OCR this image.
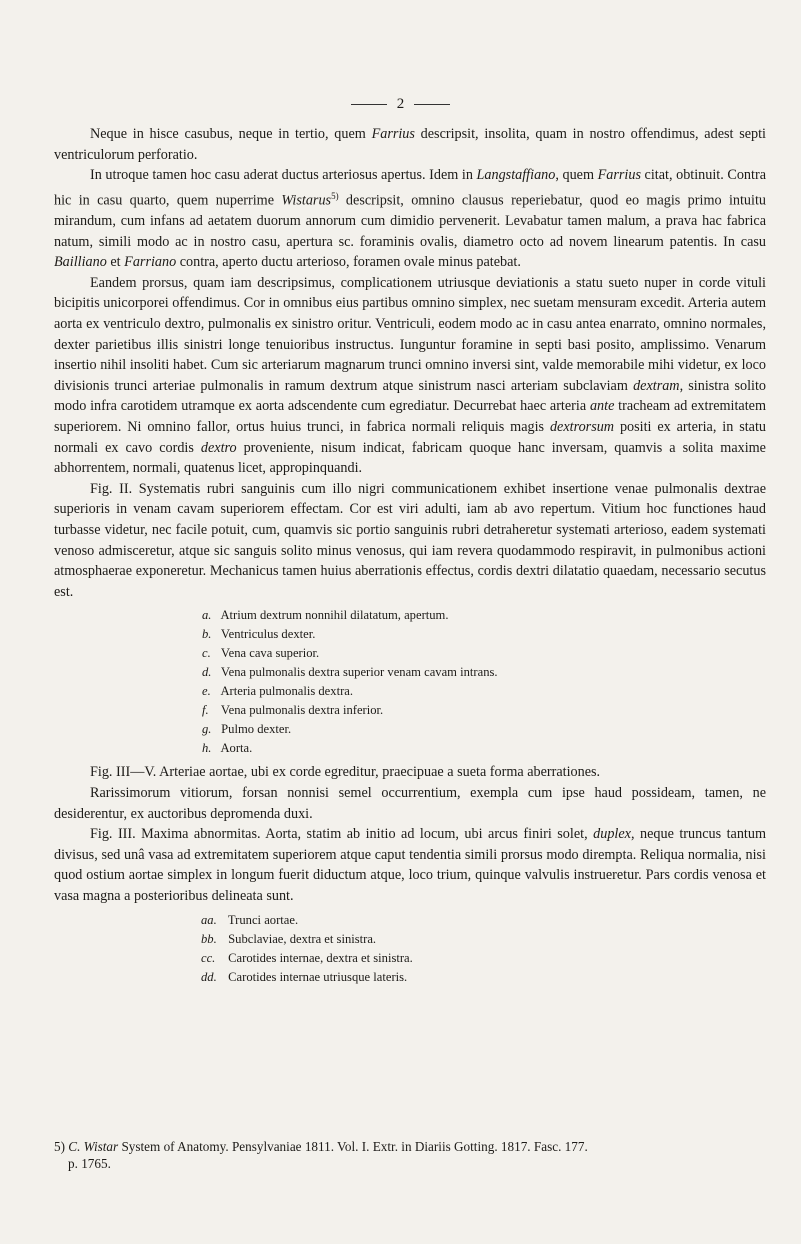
2

Neque in hisce casubus, neque in tertio, quem Farrius descripsit, insolita, quam in nostro offendimus, adest septi ventriculorum perforatio.

In utroque tamen hoc casu aderat ductus arteriosus apertus. Idem in Langstaffiano, quem Farrius citat, obtinuit. Contra hic in casu quarto, quem nuperrime Wistarus$^{5)}$ descripsit, omnino clausus reperiebatur, quod eo magis primo intuitu mirandum, cum infans ad aetatem duorum annorum cum dimidio pervenerit. Levabatur tamen malum, a prava hac fabrica natum, simili modo ac in nostro casu, apertura sc. foraminis ovalis, diametro octo ad novem linearum patentis. In casu Bailliano et Farriano contra, aperto ductu arterioso, foramen ovale minus patebat.

Eandem prorsus, quam iam descripsimus, complicationem utriusque deviationis a statu sueto nuper in corde vituli bicipitis unicorporei offendimus. Cor in omnibus eius partibus omnino simplex, nec suetam mensuram excedit. Arteria autem aorta ex ventriculo dextro, pulmonalis ex sinistro oritur. Ventriculi, eodem modo ac in casu antea enarrato, omnino normales, dexter parietibus illis sinistri longe tenuioribus instructus. Iunguntur foramine in septi basi posito, amplissimo. Venarum insertio nihil insoliti habet. Cum sic arteriarum magnarum trunci omnino inversi sint, valde memorabile mihi videtur, ex loco divisionis trunci arteriae pulmonalis in ramum dextrum atque sinistrum nasci arteriam subclaviam dextram, sinistra solito modo infra carotidem utramque ex aorta adscendente cum egrediatur. Decurrebat haec arteria ante tracheam ad extremitatem superiorem. Ni omnino fallor, ortus huius trunci, in fabrica normali reliquis magis dextrorsum positi ex arteria, in statu normali ex cavo cordis dextro proveniente, nisum indicat, fabricam quoque hanc inversam, quamvis a solita maxime abhorrentem, normali, quatenus licet, appropinquandi.

Fig. II. Systematis rubri sanguinis cum illo nigri communicationem exhibet insertione venae pulmonalis dextrae superioris in venam cavam superiorem effectam. Cor est viri adulti, iam ab avo repertum. Vitium hoc functiones haud turbasse videtur, nec facile potuit, cum, quamvis sic portio sanguinis rubri detraheretur systemati arterioso, eadem systemati venoso admisceretur, atque sic sanguis solito minus venosus, qui iam revera quodammodo respiravit, in pulmonibus actioni atmosphaerae exponeretur. Mechanicus tamen huius aberrationis effectus, cordis dextri dilatatio quaedam, necessario secutus est.

a. Atrium dextrum nonnihil dilatatum, apertum.
b. Ventriculus dexter.
c. Vena cava superior.
d. Vena pulmonalis dextra superior venam cavam intrans.
e. Arteria pulmonalis dextra.
f. Vena pulmonalis dextra inferior.
g. Pulmo dexter.
h. Aorta.

Fig. III—V. Arteriae aortae, ubi ex corde egreditur, praecipuae a sueta forma aberrationes.

Rarissimorum vitiorum, forsan nonnisi semel occurrentium, exempla cum ipse haud possideam, tamen, ne desiderentur, ex auctoribus depromenda duxi.

Fig. III. Maxima abnormitas. Aorta, statim ab initio ad locum, ubi arcus finiri solet, duplex, neque truncus tantum divisus, sed unâ vasa ad extremitatem superiorem atque caput tendentia simili prorsus modo dirempta. Reliqua normalia, nisi quod ostium aortae simplex in longum fuerit diductum atque, loco trium, quinque valvulis instrueretur. Pars cordis venosa et vasa magna a posterioribus delineata sunt.

aa. Trunci aortae.
bb. Subclaviae, dextra et sinistra.
cc. Carotides internae, dextra et sinistra.
dd. Carotides internae utriusque lateris.
5) C. Wistar System of Anatomy. Pensylvaniae 1811. Vol. I. Extr. in Diariis Gotting. 1817. Fasc. 177.
p. 1765.
